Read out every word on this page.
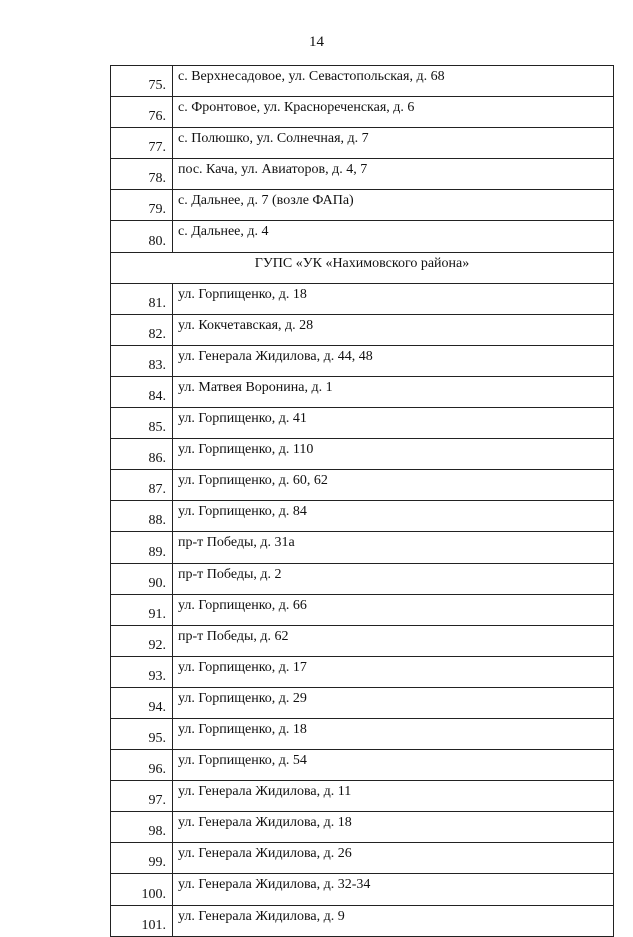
14
75.	с. Верхнесадовое, ул. Севастопольская, д. 68
76.	с. Фронтовое, ул. Краснореченская, д. 6
77.	с. Полюшко, ул. Солнечная, д. 7
78.	пос. Кача, ул. Авиаторов, д. 4, 7
79.	с. Дальнее, д. 7 (возле ФАПа)
80.	с. Дальнее, д. 4
ГУПС «УК «Нахимовского района»	
81.	ул. Горпищенко, д. 18
82.	ул. Кокчетавская, д. 28
83.	ул. Генерала Жидилова, д. 44, 48
84.	ул. Матвея Воронина, д. 1
85.	ул. Горпищенко, д. 41
86.	ул. Горпищенко, д. 110
87.	ул. Горпищенко, д. 60, 62
88.	ул. Горпищенко, д. 84
89.	пр-т Победы, д. 31а
90.	пр-т Победы, д. 2
91.	ул. Горпищенко, д. 66
92.	пр-т Победы, д. 62
93.	ул. Горпищенко, д. 17
94.	ул. Горпищенко, д. 29
95.	ул. Горпищенко, д. 18
96.	ул. Горпищенко, д. 54
97.	ул. Генерала Жидилова, д. 11
98.	ул. Генерала Жидилова, д. 18
99.	ул. Генерала Жидилова, д. 26
100.	ул. Генерала Жидилова, д. 32-34
101.	ул. Генерала Жидилова, д. 9
